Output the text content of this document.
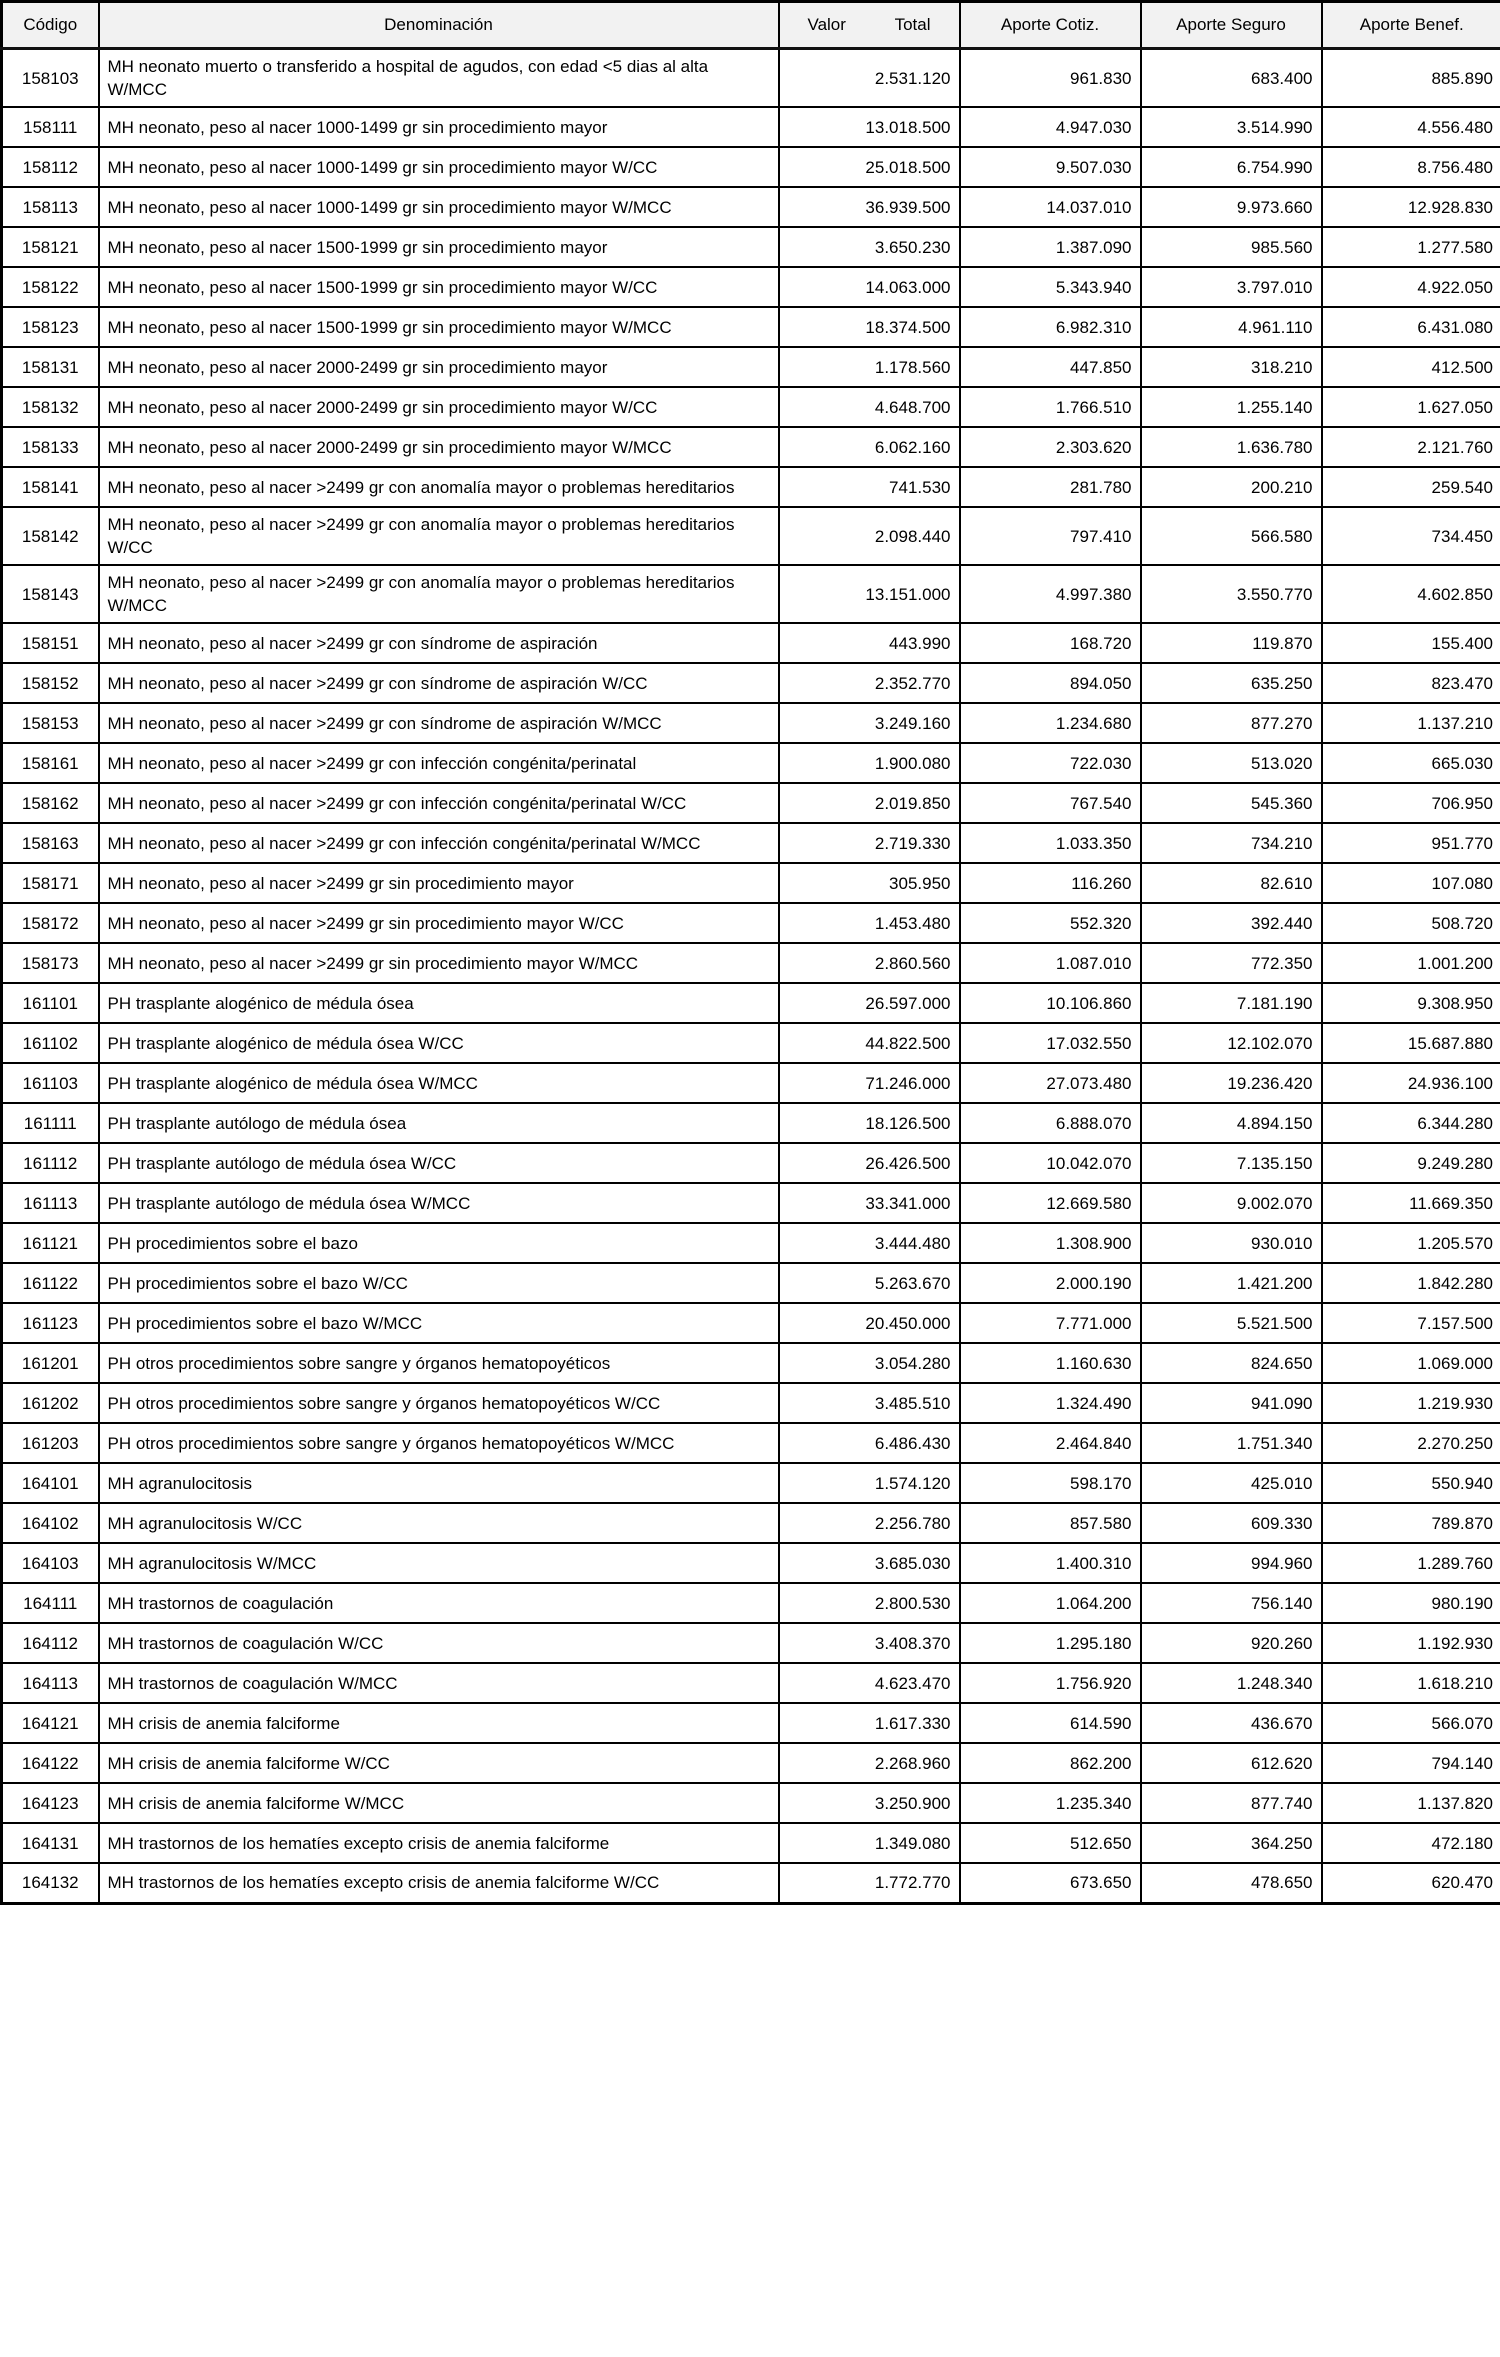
Código	Denominación	Valor Total	Aporte Cotiz.	Aporte Seguro	Aporte Benef.
158103	MH neonato muerto o transferido a hospital de agudos, con edad <5 dias al alta W/MCC	2.531.120	961.830	683.400	885.890
158111	MH neonato, peso al nacer 1000-1499 gr sin procedimiento mayor	13.018.500	4.947.030	3.514.990	4.556.480
158112	MH neonato, peso al nacer 1000-1499 gr sin procedimiento mayor W/CC	25.018.500	9.507.030	6.754.990	8.756.480
158113	MH neonato, peso al nacer 1000-1499 gr sin procedimiento mayor W/MCC	36.939.500	14.037.010	9.973.660	12.928.830
158121	MH neonato, peso al nacer 1500-1999 gr sin procedimiento mayor	3.650.230	1.387.090	985.560	1.277.580
158122	MH neonato, peso al nacer 1500-1999 gr sin procedimiento mayor W/CC	14.063.000	5.343.940	3.797.010	4.922.050
158123	MH neonato, peso al nacer 1500-1999 gr sin procedimiento mayor W/MCC	18.374.500	6.982.310	4.961.110	6.431.080
158131	MH neonato, peso al nacer 2000-2499 gr sin procedimiento mayor	1.178.560	447.850	318.210	412.500
158132	MH neonato, peso al nacer 2000-2499 gr sin procedimiento mayor W/CC	4.648.700	1.766.510	1.255.140	1.627.050
158133	MH neonato, peso al nacer 2000-2499 gr sin procedimiento mayor W/MCC	6.062.160	2.303.620	1.636.780	2.121.760
158141	MH neonato, peso al nacer >2499 gr con anomalía mayor o problemas hereditarios	741.530	281.780	200.210	259.540
158142	MH neonato, peso al nacer >2499 gr con anomalía mayor o problemas hereditarios W/CC	2.098.440	797.410	566.580	734.450
158143	MH neonato, peso al nacer >2499 gr con anomalía mayor o problemas hereditarios W/MCC	13.151.000	4.997.380	3.550.770	4.602.850
158151	MH neonato, peso al nacer >2499 gr con síndrome de aspiración	443.990	168.720	119.870	155.400
158152	MH neonato, peso al nacer >2499 gr con síndrome de aspiración W/CC	2.352.770	894.050	635.250	823.470
158153	MH neonato, peso al nacer >2499 gr con síndrome de aspiración W/MCC	3.249.160	1.234.680	877.270	1.137.210
158161	MH neonato, peso al nacer >2499 gr con infección congénita/perinatal	1.900.080	722.030	513.020	665.030
158162	MH neonato, peso al nacer >2499 gr con infección congénita/perinatal W/CC	2.019.850	767.540	545.360	706.950
158163	MH neonato, peso al nacer >2499 gr con infección congénita/perinatal W/MCC	2.719.330	1.033.350	734.210	951.770
158171	MH neonato, peso al nacer >2499 gr sin procedimiento mayor	305.950	116.260	82.610	107.080
158172	MH neonato, peso al nacer >2499 gr sin procedimiento mayor W/CC	1.453.480	552.320	392.440	508.720
158173	MH neonato, peso al nacer >2499 gr sin procedimiento mayor W/MCC	2.860.560	1.087.010	772.350	1.001.200
161101	PH trasplante alogénico de médula ósea	26.597.000	10.106.860	7.181.190	9.308.950
161102	PH trasplante alogénico de médula ósea W/CC	44.822.500	17.032.550	12.102.070	15.687.880
161103	PH trasplante alogénico de médula ósea W/MCC	71.246.000	27.073.480	19.236.420	24.936.100
161111	PH trasplante autólogo de médula ósea	18.126.500	6.888.070	4.894.150	6.344.280
161112	PH trasplante autólogo de médula ósea W/CC	26.426.500	10.042.070	7.135.150	9.249.280
161113	PH trasplante autólogo de médula ósea W/MCC	33.341.000	12.669.580	9.002.070	11.669.350
161121	PH procedimientos sobre el bazo	3.444.480	1.308.900	930.010	1.205.570
161122	PH procedimientos sobre el bazo W/CC	5.263.670	2.000.190	1.421.200	1.842.280
161123	PH procedimientos sobre el bazo W/MCC	20.450.000	7.771.000	5.521.500	7.157.500
161201	PH otros procedimientos sobre sangre y órganos hematopoyéticos	3.054.280	1.160.630	824.650	1.069.000
161202	PH otros procedimientos sobre sangre y órganos hematopoyéticos W/CC	3.485.510	1.324.490	941.090	1.219.930
161203	PH otros procedimientos sobre sangre y órganos hematopoyéticos W/MCC	6.486.430	2.464.840	1.751.340	2.270.250
164101	MH agranulocitosis	1.574.120	598.170	425.010	550.940
164102	MH agranulocitosis W/CC	2.256.780	857.580	609.330	789.870
164103	MH agranulocitosis W/MCC	3.685.030	1.400.310	994.960	1.289.760
164111	MH trastornos de coagulación	2.800.530	1.064.200	756.140	980.190
164112	MH trastornos de coagulación W/CC	3.408.370	1.295.180	920.260	1.192.930
164113	MH trastornos de coagulación W/MCC	4.623.470	1.756.920	1.248.340	1.618.210
164121	MH crisis de anemia falciforme	1.617.330	614.590	436.670	566.070
164122	MH crisis de anemia falciforme W/CC	2.268.960	862.200	612.620	794.140
164123	MH crisis de anemia falciforme W/MCC	3.250.900	1.235.340	877.740	1.137.820
164131	MH trastornos de los hematíes excepto crisis de anemia falciforme	1.349.080	512.650	364.250	472.180
164132	MH trastornos de los hematíes excepto crisis de anemia falciforme W/CC	1.772.770	673.650	478.650	620.470
